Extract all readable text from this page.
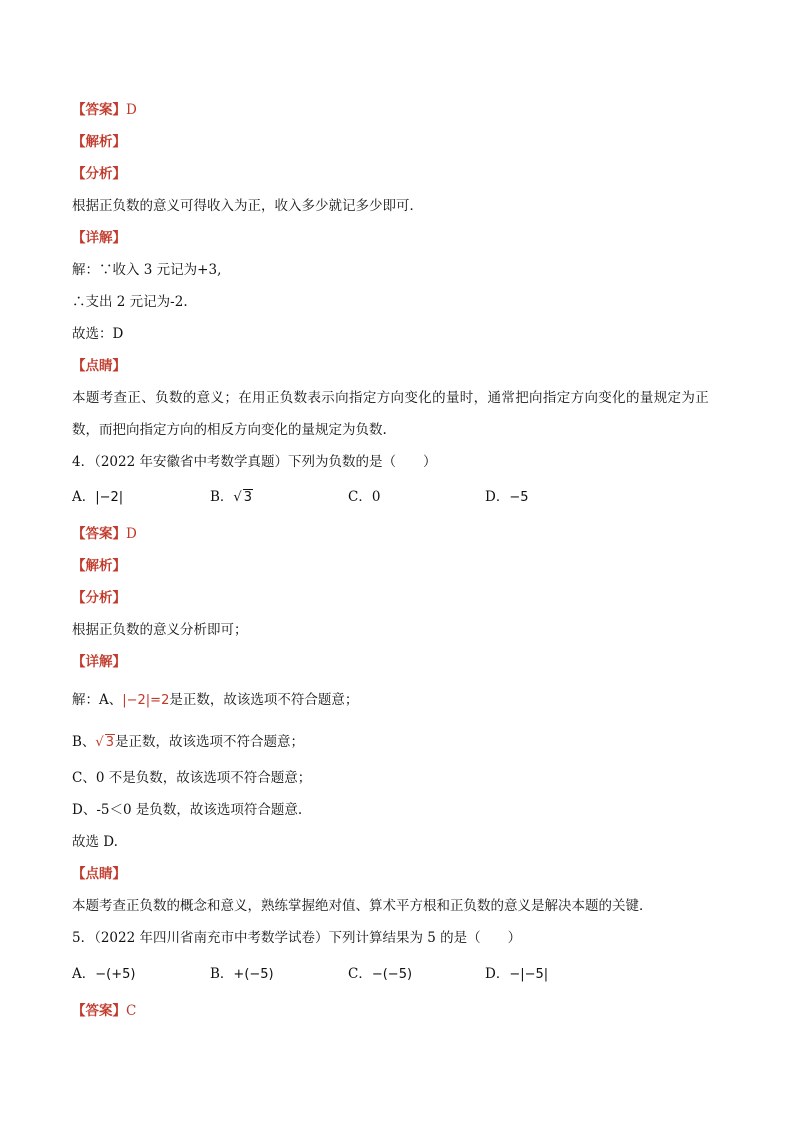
【答案】D
【解析】
【分析】
根据正负数的意义可得收入为正，收入多少就记多少即可．
【详解】
解：∵收入 3 元记为+3,
∴支出 2 元记为-2.
故选：D
【点睛】
本题考查正、负数的意义；在用正负数表示向指定方向变化的量时，通常把向指定方向变化的量规定为正
数，而把向指定方向的相反方向变化的量规定为负数.
4．（2022 年安徽省中考数学真题）下列为负数的是（　　）
A．|−2|	B．√ 3	C．0	D．−5
【答案】D
【解析】
【分析】
根据正负数的意义分析即可；
【详解】
解：A、|−2|=2是正数，故该选项不符合题意；
B、√ 3是正数，故该选项不符合题意；
C、0 不是负数，故该选项不符合题意；
D、-5＜0 是负数，故该选项符合题意.
故选 D.
【点睛】
本题考查正负数的概念和意义，熟练掌握绝对值、算术平方根和正负数的意义是解决本题的关键．
5．（2022 年四川省南充市中考数学试卷）下列计算结果为 5 的是（　　）
A．−(+5)	B．+(−5)	C．−(−5)	D．−|−5|
【答案】C
